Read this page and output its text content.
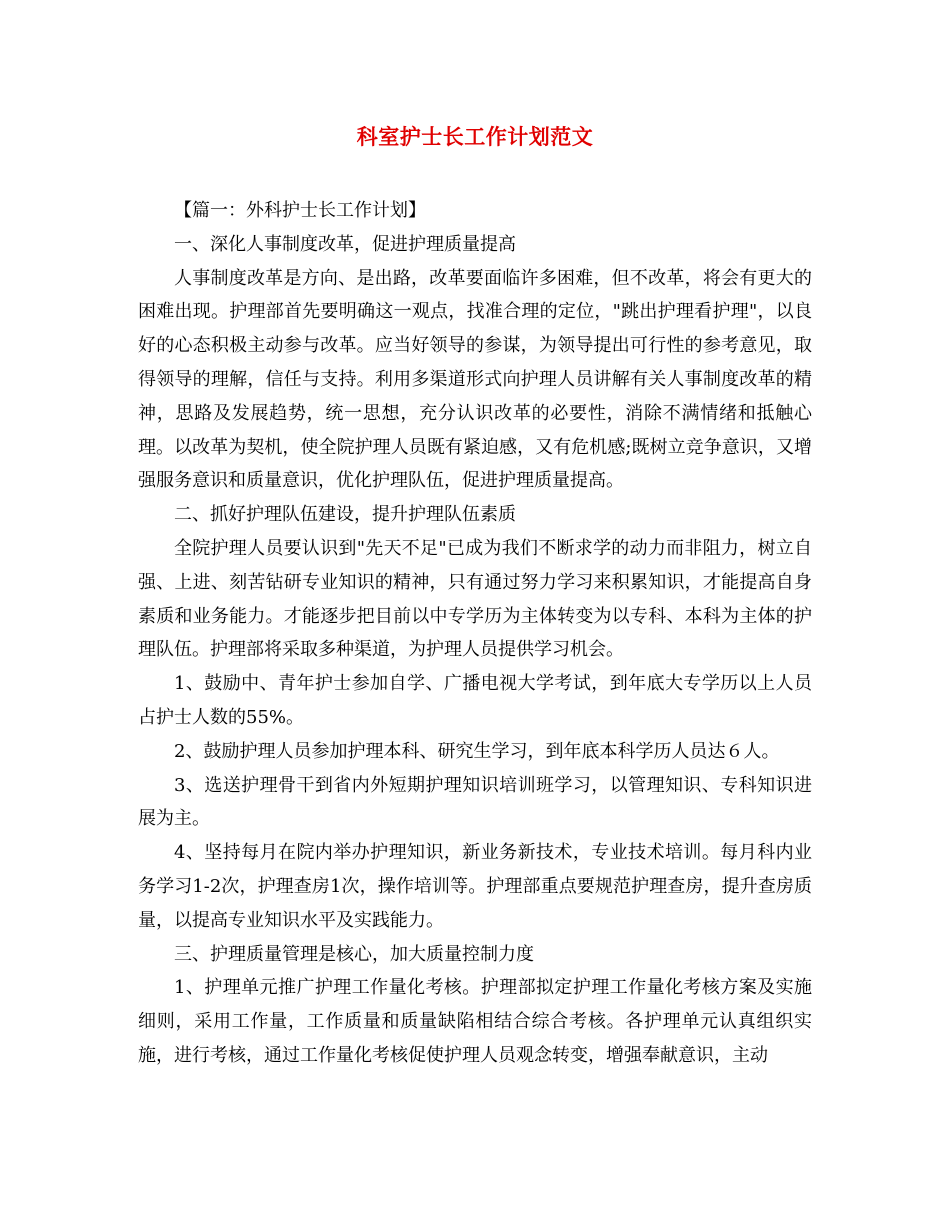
科室护士长工作计划范文

【篇一：外科护士长工作计划】

一、深化人事制度改革，促进护理质量提高

人事制度改革是方向、是出路，改革要面临许多困难，但不改革，将会有更大的困难出现。护理部首先要明确这一观点，找准合理的定位，"跳出护理看护理"，以良好的心态积极主动参与改革。应当好领导的参谋，为领导提出可行性的参考意见，取得领导的理解，信任与支持。利用多渠道形式向护理人员讲解有关人事制度改革的精神，思路及发展趋势，统一思想，充分认识改革的必要性，消除不满情绪和抵触心理。以改革为契机，使全院护理人员既有紧迫感，又有危机感;既树立竞争意识，又增强服务意识和质量意识，优化护理队伍，促进护理质量提高。

二、抓好护理队伍建设，提升护理队伍素质

全院护理人员要认识到"先天不足"已成为我们不断求学的动力而非阻力，树立自强、上进、刻苦钻研专业知识的精神，只有通过努力学习来积累知识，才能提高自身素质和业务能力。才能逐步把目前以中专学历为主体转变为以专科、本科为主体的护理队伍。护理部将采取多种渠道，为护理人员提供学习机会。

1、鼓励中、青年护士参加自学、广播电视大学考试，到年底大专学历以上人员占护士人数的55%。

2、鼓励护理人员参加护理本科、研究生学习，到年底本科学历人员达６人。

3、选送护理骨干到省内外短期护理知识培训班学习，以管理知识、专科知识进展为主。

4、坚持每月在院内举办护理知识，新业务新技术，专业技术培训。每月科内业务学习1-2次，护理查房1次，操作培训等。护理部重点要规范护理查房，提升查房质量，以提高专业知识水平及实践能力。

三、护理质量管理是核心，加大质量控制力度

1、护理单元推广护理工作量化考核。护理部拟定护理工作量化考核方案及实施细则，采用工作量，工作质量和质量缺陷相结合综合考核。各护理单元认真组织实施，进行考核，通过工作量化考核促使护理人员观念转变，增强奉献意识，主动
